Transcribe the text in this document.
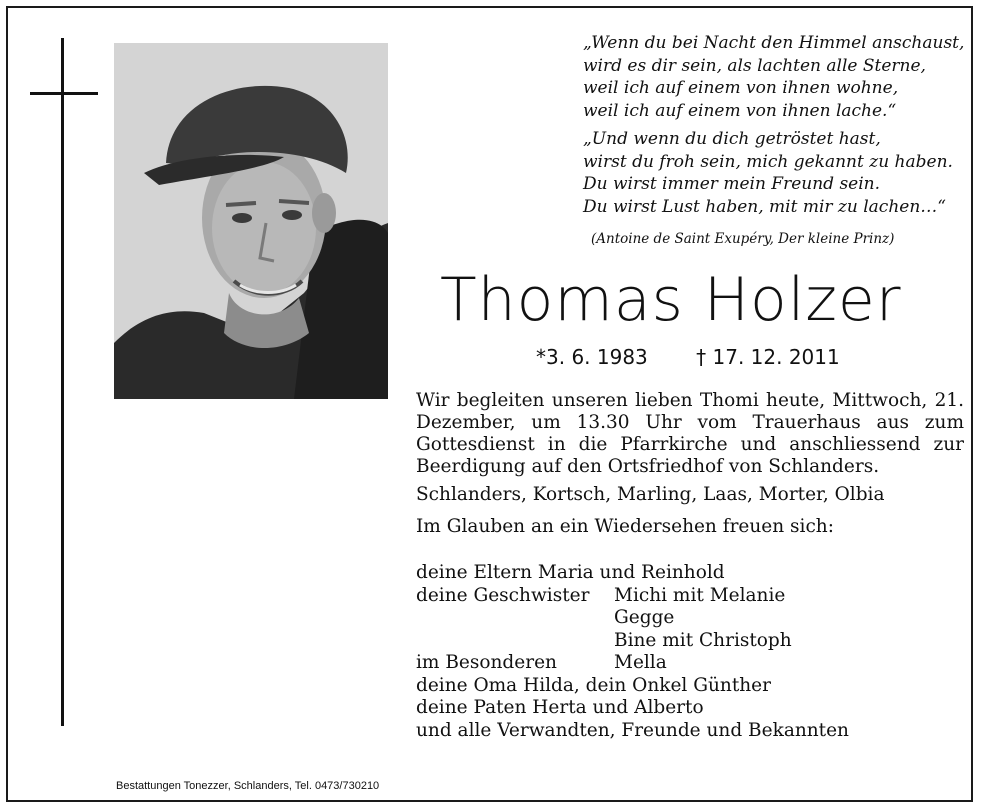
„Wenn du bei Nacht den Himmel anschaust,
wird es dir sein, als lachten alle Sterne,
weil ich auf einem von ihnen wohne,
weil ich auf einem von ihnen lache.“
„Und wenn du dich getröstet hast,
wirst du froh sein, mich gekannt zu haben.
Du wirst immer mein Freund sein.
Du wirst Lust haben, mit mir zu lachen…“
(Antoine de Saint Exupéry, Der kleine Prinz)
Thomas Holzer
*3. 6. 1983 † 17. 12. 2011

Wir begleiten unseren lieben Thomi heute, Mittwoch, 21. Dezember, um 13.30 Uhr vom Trauerhaus aus zum Gottesdienst in die Pfarrkirche und anschliessend zur Beerdigung auf den Ortsfriedhof von Schlanders.

Schlanders, Kortsch, Marling, Laas, Morter, Olbia
Im Glauben an ein Wiedersehen freuen sich:
deine Eltern Maria und Reinhold
deine Geschwister Michi mit Melanie
Gegge
Bine mit Christoph
im Besonderen	Mella
deine Oma Hilda, dein Onkel Günther
deine Paten Herta und Alberto
und alle Verwandten, Freunde und Bekannten
Bestattungen Tonezzer, Schlanders, Tel. 0473/730210
